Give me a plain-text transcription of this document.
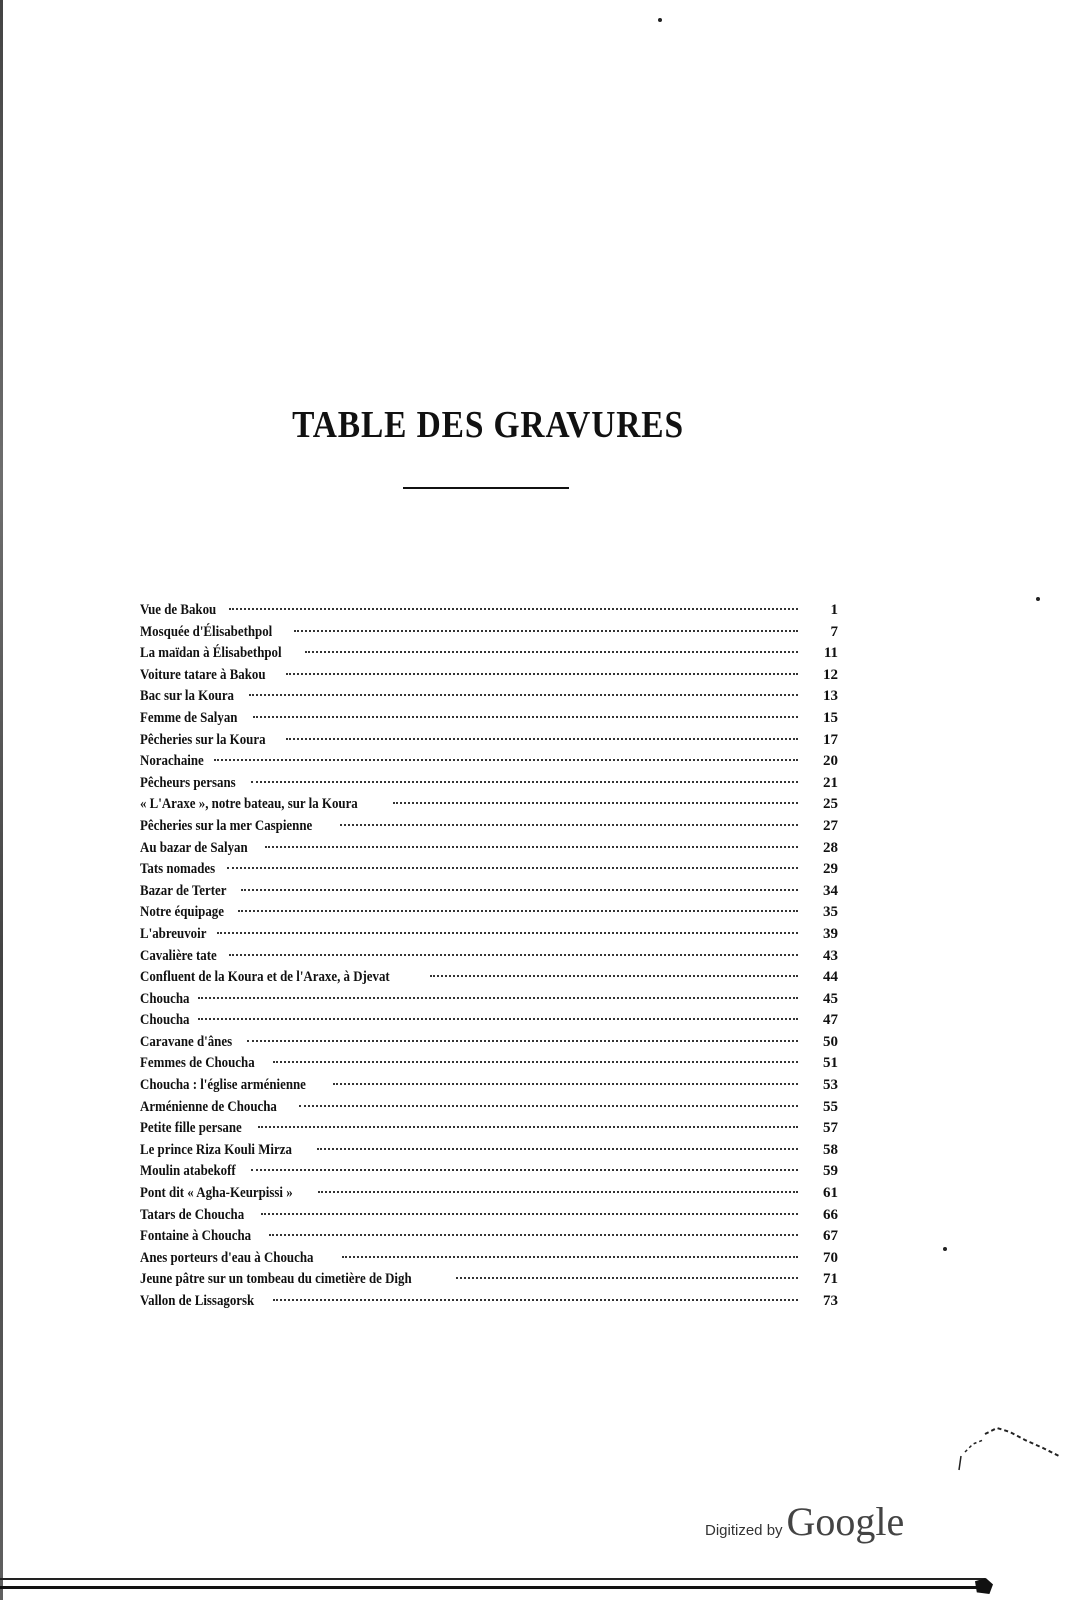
TABLE DES GRAVURES
Vue de Bakou	1
Mosquée d'Élisabethpol	7
La maïdan à Élisabethpol	11
Voiture tatare à Bakou	12
Bac sur la Koura	13
Femme de Salyan	15
Pêcheries sur la Koura	17
Norachaine	20
Pêcheurs persans	21
« L'Araxe », notre bateau, sur la Koura	25
Pêcheries sur la mer Caspienne	27
Au bazar de Salyan	28
Tats nomades	29
Bazar de Terter	34
Notre équipage	35
L'abreuvoir	39
Cavalière tate	43
Confluent de la Koura et de l'Araxe, à Djevat	44
Choucha	45
Choucha	47
Caravane d'ânes	50
Femmes de Choucha	51
Choucha : l'église arménienne	53
Arménienne de Choucha	55
Petite fille persane	57
Le prince Riza Kouli Mirza	58
Moulin atabekoff	59
Pont dit « Agha-Keurpissi »	61
Tatars de Choucha	66
Fontaine à Choucha	67
Anes porteurs d'eau à Choucha	70
Jeune pâtre sur un tombeau du cimetière de Digh	71
Vallon de Lissagorsk	73
Digitized by Google
